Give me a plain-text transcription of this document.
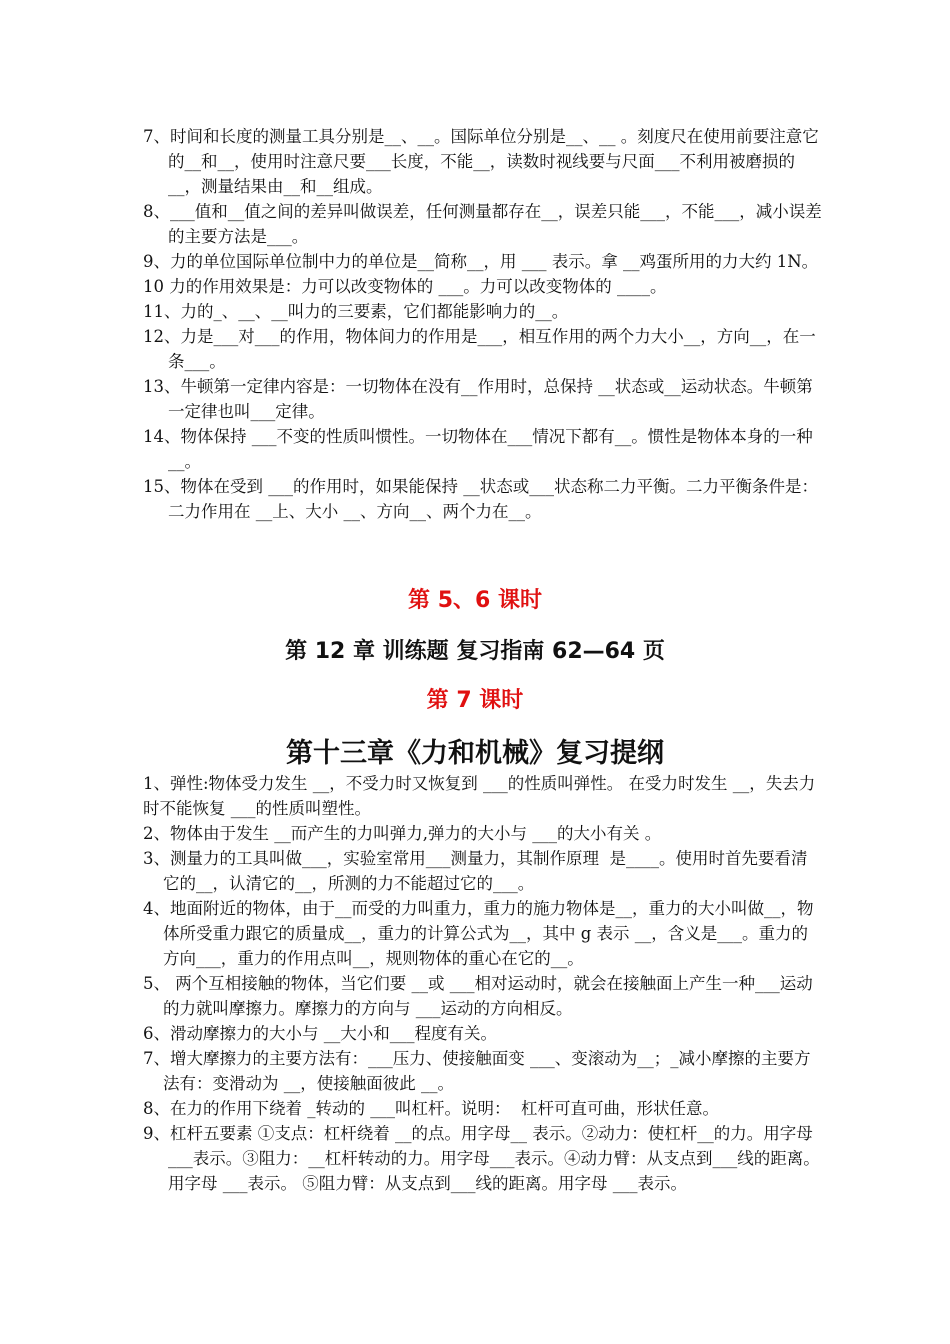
7、时间和长度的测量工具分别是__、__。国际单位分别是__、__ 。刻度尺在使用前要注意它的__和__，使用时注意尺要___长度，不能__，读数时视线要与尺面___不利用被磨损的__，测量结果由__和__组成。

8、___值和__值之间的差异叫做误差，任何测量都存在__，误差只能___，不能___，减小误差的主要方法是___。

9、力的单位国际单位制中力的单位是__简称__，用 ___ 表示。拿 __鸡蛋所用的力大约 1N。

10 力的作用效果是：力可以改变物体的 ___。力可以改变物体的 ____。

11、力的_、__、__叫力的三要素，它们都能影响力的__。

12、力是___对___的作用，物体间力的作用是___，相互作用的两个力大小__，方向__，在一条___。

13、牛顿第一定律内容是：一切物体在没有__作用时，总保持 __状态或__运动状态。牛顿第一定律也叫___定律。

14、物体保持 ___不变的性质叫惯性。一切物体在___情况下都有__。惯性是物体本身的一种__。

15、物体在受到 ___的作用时，如果能保持 __状态或___状态称二力平衡。二力平衡条件是：二力作用在 __上、大小 __、方向__、两个力在__。

第 5、6 课时
第 12 章 训练题 复习指南 62—64 页
第 7 课时
第十三章《力和机械》复习提纲

1、弹性:物体受力发生 __，不受力时又恢复到 ___的性质叫弹性。 在受力时发生 __，失去力时不能恢复 ___的性质叫塑性。

2、物体由于发生 __而产生的力叫弹力,弹力的大小与 ___的大小有关 。

3、测量力的工具叫做___，实验室常用___测量力，其制作原理  是____。使用时首先要看清它的__，认清它的__，所测的力不能超过它的___。

4、地面附近的物体，由于__而受的力叫重力，重力的施力物体是__，重力的大小叫做__，物体所受重力跟它的质量成__，重力的计算公式为__，其中 g 表示 __，含义是___。重力的方向___，重力的作用点叫__，规则物体的重心在它的__。

5、 两个互相接触的物体，当它们要 __或 ___相对运动时，就会在接触面上产生一种___运动的力就叫摩擦力。摩擦力的方向与 ___运动的方向相反。

6、滑动摩擦力的大小与 __大小和___程度有关。

7、增大摩擦力的主要方法有：___压力、使接触面变 ___、变滚动为__；_减小摩擦的主要方法有：变滑动为 __，使接触面彼此 __。

8、在力的作用下绕着 _转动的 ___叫杠杆。说明：  杠杆可直可曲，形状任意。

9、杠杆五要素 ①支点：杠杆绕着 __的点。用字母__ 表示。②动力：使杠杆__的力。用字母 ___表示。③阻力：__杠杆转动的力。用字母___表示。④动力臂：从支点到___线的距离。用字母 ___表示。 ⑤阻力臂：从支点到___线的距离。用字母 ___表示。
